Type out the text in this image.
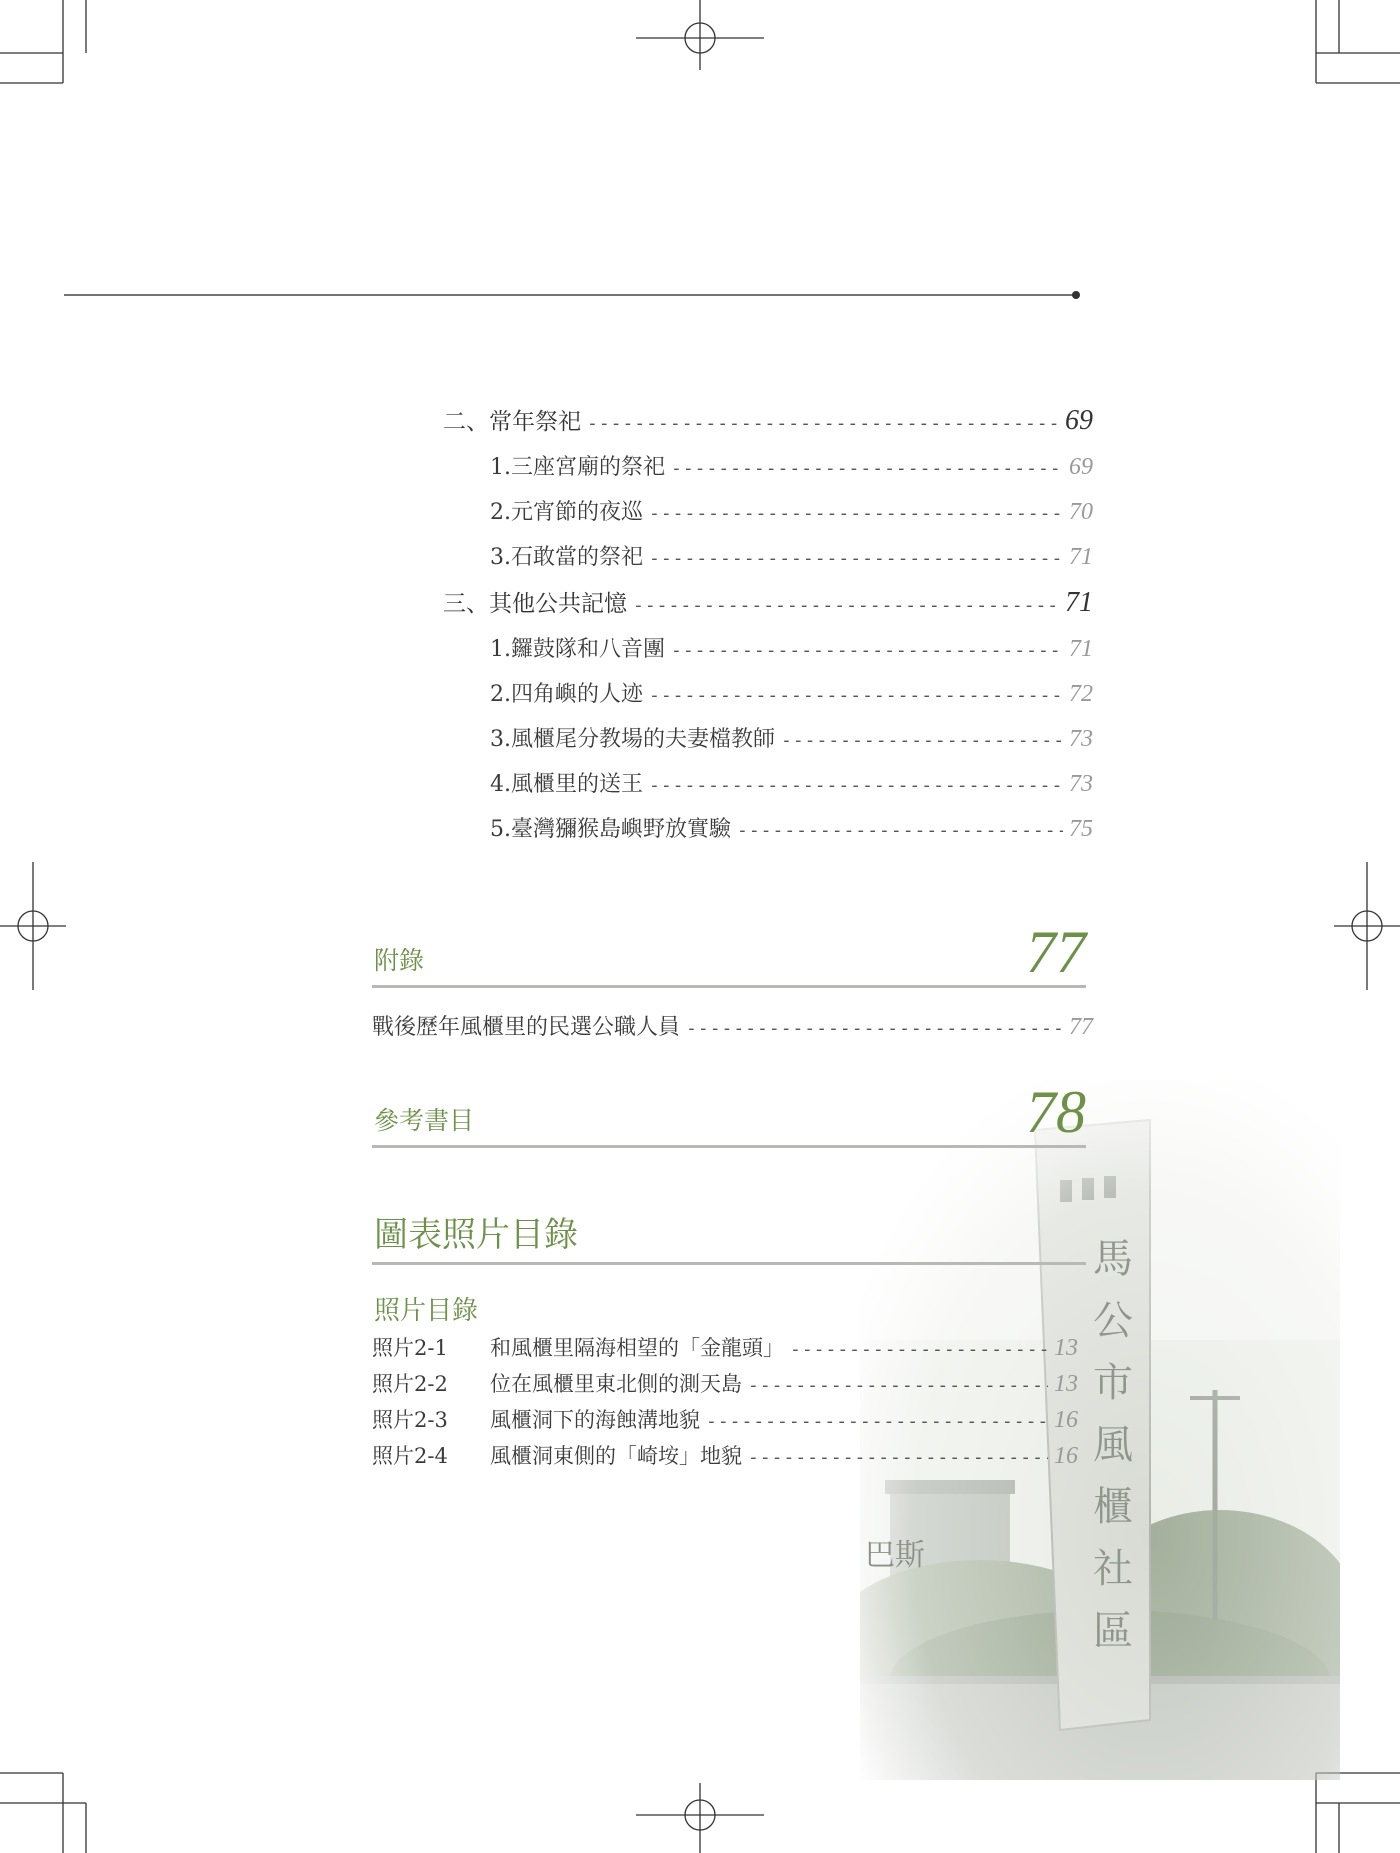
馬
公
市
風
櫃
社
區
巴斯
二、常年祭祀 -----	69
1.三座宮廟的祭祀 -----	69
2.元宵節的夜巡 -----	70
3.石敢當的祭祀 -----	71
三、其他公共記憶 -----	71
1.鑼鼓隊和八音團 -----	71
2.四角嶼的人迹 -----	72
3.風櫃尾分教場的夫妻檔教師 -----	73
4.風櫃里的送王 -----	73
5.臺灣獼猴島嶼野放實驗 -----	75
附錄	77
戰後歷年風櫃里的民選公職人員 -----	77
參考書目	78
圖表照片目錄
照片目錄
照片2-1	和風櫃里隔海相望的「金龍頭」 -----	13
照片2-2	位在風櫃里東北側的測天島 -----	13
照片2-3	風櫃洞下的海蝕溝地貌 -----	16
照片2-4	風櫃洞東側的「崎垵」地貌 -----	16
